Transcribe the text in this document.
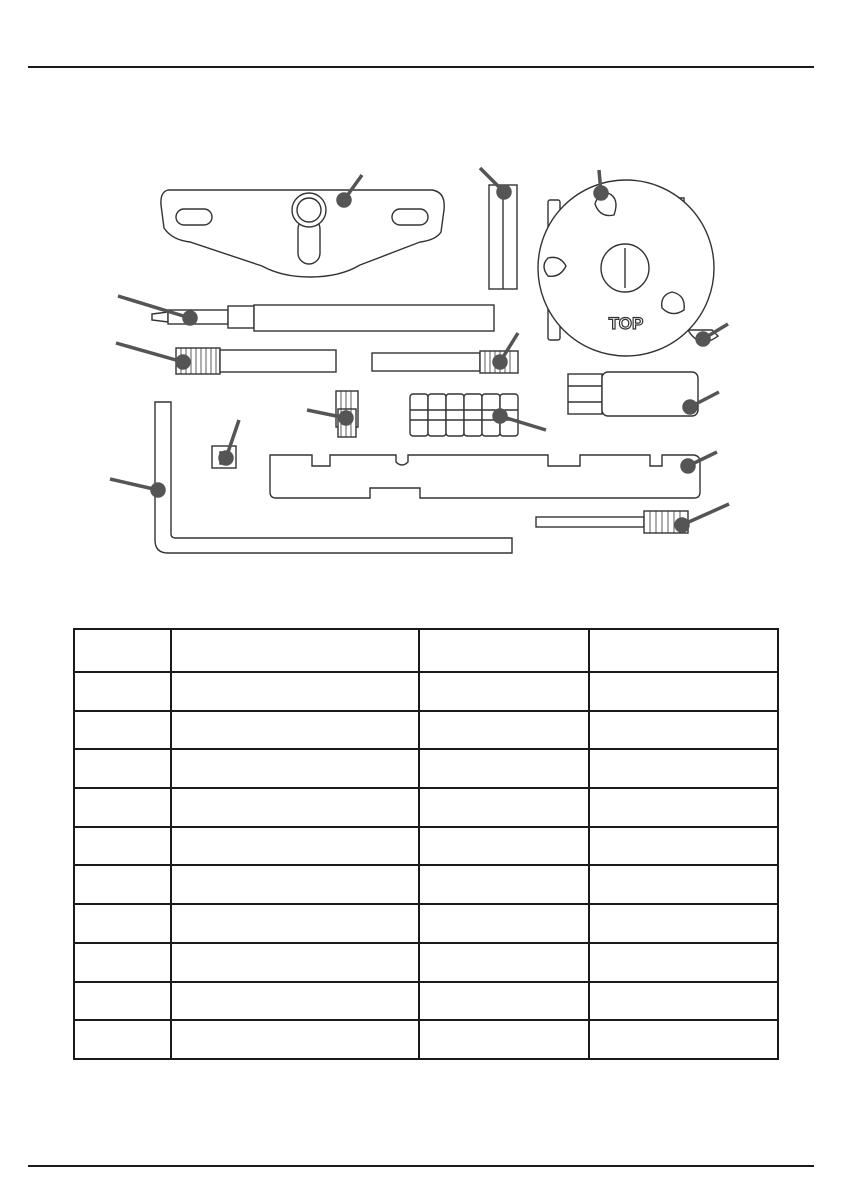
TOP
